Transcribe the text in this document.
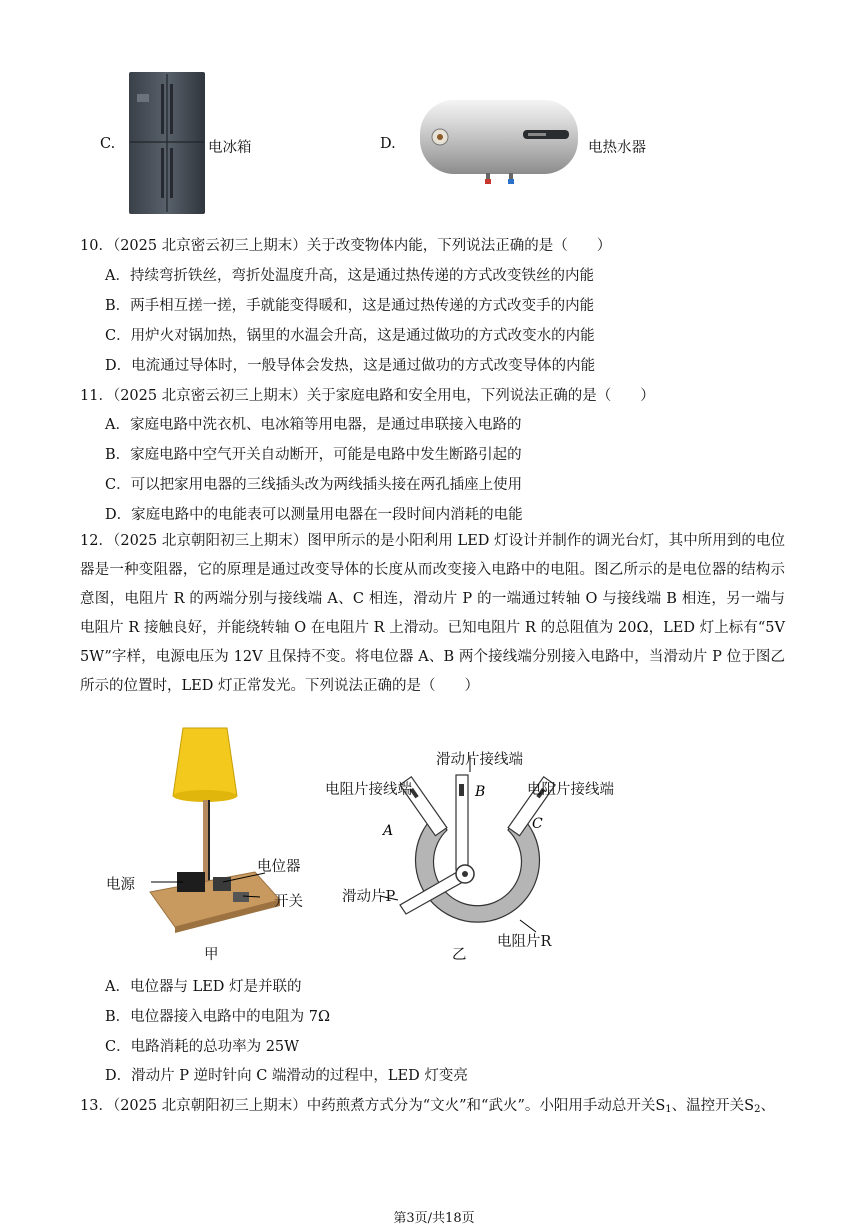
C.	电冰箱	D.	电热水器
10．（2025 北京密云初三上期末）关于改变物体内能，下列说法正确的是（　　）
A．持续弯折铁丝，弯折处温度升高，这是通过热传递的方式改变铁丝的内能
B．两手相互搓一搓，手就能变得暖和，这是通过热传递的方式改变手的内能
C．用炉火对锅加热，锅里的水温会升高，这是通过做功的方式改变水的内能
D．电流通过导体时，一般导体会发热，这是通过做功的方式改变导体的内能
11．（2025 北京密云初三上期末）关于家庭电路和安全用电，下列说法正确的是（　　）
A．家庭电路中洗衣机、电冰箱等用电器，是通过串联接入电路的
B．家庭电路中空气开关自动断开，可能是电路中发生断路引起的
C．可以把家用电器的三线插头改为两线插头接在两孔插座上使用
D．家庭电路中的电能表可以测量用电器在一段时间内消耗的电能
12．（2025 北京朝阳初三上期末）图甲所示的是小阳利用 LED 灯设计并制作的调光台灯，其中所用到的电位器是一种变阻器，它的原理是通过改变导体的长度从而改变接入电路中的电阻。图乙所示的是电位器的结构示意图，电阻片 R 的两端分别与接线端 A、C 相连，滑动片 P 的一端通过转轴 O 与接线端 B 相连，另一端与电阻片 R 接触良好，并能绕转轴 O 在电阻片 R 上滑动。已知电阻片 R 的总阻值为 20Ω，LED 灯上标有“5V　5W”字样，电源电压为 12V 且保持不变。将电位器 A、B 两个接线端分别接入电路中，当滑动片 P 位于图乙所示的位置时，LED 灯正常发光。下列说法正确的是（　　）
电源
电位器
开关
甲
A
B
C
滑动片接线端
电阻片接线端	电阻片接线端
滑动片P
电阻片R
乙
A．电位器与 LED 灯是并联的
B．电位器接入电路中的电阻为 7Ω
C．电路消耗的总功率为 25W
D．滑动片 P 逆时针向 C 端滑动的过程中，LED 灯变亮
13．（2025 北京朝阳初三上期末）中药煎煮方式分为“文火”和“武火”。小阳用手动总开关$S_1$、温控开关$S_2$、
第3页/共18页
